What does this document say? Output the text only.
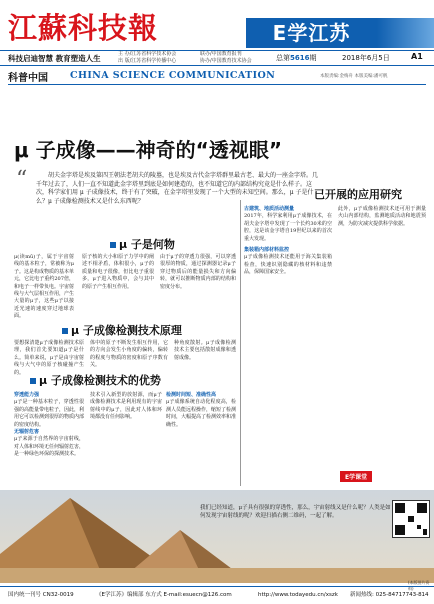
江蘇科技報	E学江苏
科技启迪智慧 教育塑造人生	主 办/江苏省科学技术协会
出 版/江苏省科学传播中心
联办/中国教育报刊
协办/中国教育技术协会	总第5616期	2018年6月5日	A1
科普中国 CHINA SCIENCE COMMUNICATION	本版责编:金梅舟 本版美编:潘可帆
μ 子成像——神奇的“透视眼”
“	胡夫金字塔是埃及第四王朝法老胡夫的陵墓，也是埃及古代金字塔群里最古老、最大的一座金字塔。几千年过去了，人们一直不知道此金字塔里到底是如何建造的，也不知道它的内部结构究竟是什么样子。这次，科学家们用 μ 子成像技术，终于有了突破，在金字塔里发现了一个大型的未知空间。那么，μ 子是什么？μ 子成像检测技术又是什么东西呢？	已开展的应用研究
μ(读mū)子，属于宇宙射线的基本粒子，常被称为μ子。这是构成物质的基本单元，它比电子重约207倍，和电子一样带负电。宇宙射线与大气层相互作用，产生大量的μ子，这些μ子以接近光速的速度穿过地球表面。
μ 子是何物
原子核的大小和原子力学中的阐述不相矛盾，体积很小，μ子的质量和电子很像，但比电子重很多，μ子进入物质中，会与其中的原子产生相互作用。
由于μ子的穿透力很强，可以穿透很厚的物质，通过探测器记录μ子穿过物质后的能量损失和方向偏转，就可以推断物质内部的结构和密度分布。
μ 子成像检测技术原理
要想探清楚μ子成像检测技术原理，我们首先要知道μ子是什么。简单来说，μ子是由宇宙射线与大气中的原子核碰撞产生的。
体中的原子不断发生相互作用，它的方向会发生小角度的偏转，偏转的程度与物质的密度和原子序数有关。
种角度散射。μ子成像检测技术主要包括散射成像和透射成像。
μ 子成像检测技术的优势
穿透能力强
μ子是一种基本粒子，穿透性很强的高能量带电粒子，因此，利用它可以检测到很厚的物质内部的密度结构。
无辐射危害
μ子来源于自然界的宇宙射线，对人体和环境无任何辐射危害，是一种绿色环保的探测技术。
技术引入新型的放射源，而μ子成像检测技术是利用现有的宇宙射线中的μ子，因此对人体和环境都没有任何影响。
检测时间短、准确性高
μ子成像系统自动化程度高，检测人员能远程操作，缩短了检测时间，大幅提高了检测效率和准确性。
古建筑、地质活动测量
2017年，科学家利用μ子成像技术，在胡夫金字塔中发现了一个长约30米的空腔，这是该金字塔自19世纪以来的首次重大发现。
集装箱内部材料监控
μ子成像检测技术还能用于海关集装箱检查，快速识别隐藏的核材料和违禁品，保障国家安全。
此外，μ子成像检测技术还可用于测量火山内部结构，监测地质活动和地震预测，为防灾减灾提供科学依据。
E学课堂
我们已经知道，μ子具有很强的穿透性，那么，宇宙射线又是什么呢？人类是如何发现宇宙射线的呢？欢迎扫描右侧二维码，一起了解。
(本版图片资料)
国内统一刊号 CN32-0019	《E学江苏》编辑部 东方式 E-mail:esuecn@126.com	http://www.todayedu.cn/xszk 新闻热线: 025-84717743-814
